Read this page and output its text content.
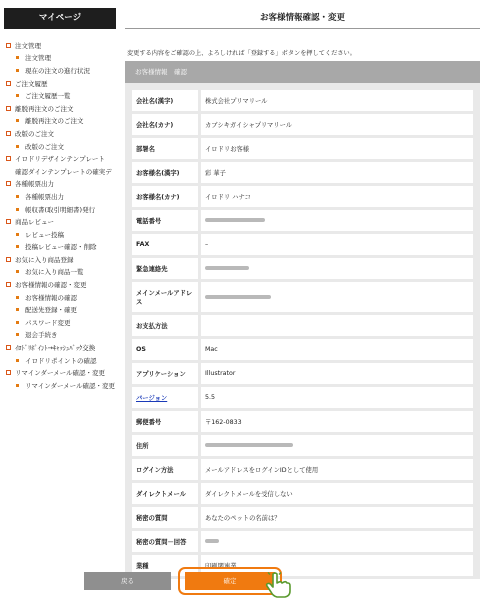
マイページ
注文管理
注文管理
現在の注文の進行状況
ご注文履歴
ご注文履歴一覧
離脱再注文のご注文
離脱再注文のご注文
改版のご注文
改版のご注文
イロドリデザインテンプレート
確認ダインテンプレートの確実デ
各種帳票出力
各種帳票出力
帳収書(取引明細書)発行
商品レビュー
レビュー投稿
投稿レビュー確認・削除
お気に入り商品登録
お気に入り商品一覧
お客様情報の確認・変更
お客様情報の確認
配送先登録・確更
パスワード変更
退会手続き
ｲﾛﾄﾞﾘﾎﾟｲﾝﾄ→ｷｬｯｼｭﾊﾞｯｸ交換
イロドリポイントの確認
リマインダーメール確認・変更
リマインダーメール確認・変更
お客様情報確認・変更
変更する内容をご確認の上、よろしければ「登録する」ボタンを押してください。
お客様情報　確認
会社名(漢字)	株式会社プリマリール
会社名(カナ)	カブシキガイシャプリマリール
部署名	イロドリお客様
お客様名(漢字)	彩 華子
お客様名(カナ)	イロドリ ハナコ
電話番号	
FAX	–
緊急連絡先	
メインメールアドレス	
お支払方法	
OS	Mac
アプリケーション	Illustrator
バージョン	5.5
郵便番号	〒162-0833
住所	
ログイン方法	メールアドレスをログインIDとして使用
ダイレクトメール	ダイレクトメールを受信しない
秘密の質問	あなたのペットの名前は？
秘密の質問－回答	
業種	印刷関連業
戻る	確定
